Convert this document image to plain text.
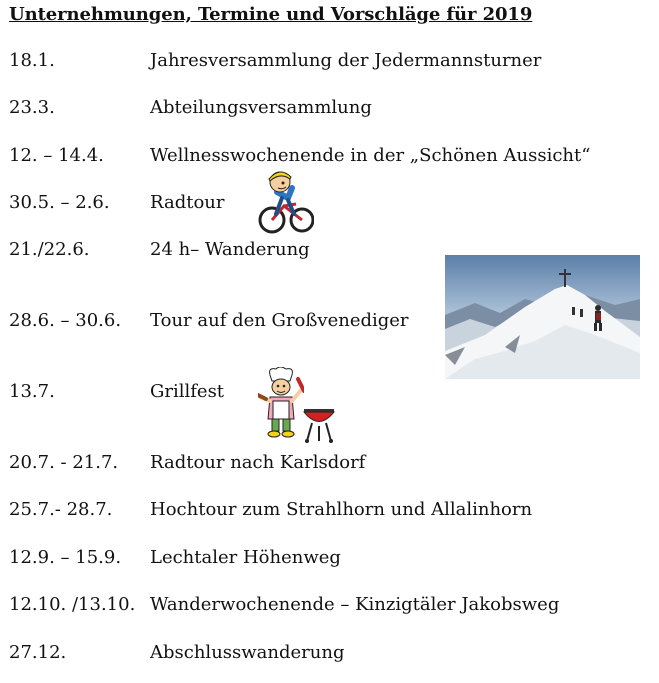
Unternehmungen, Termine und Vorschläge für 2019
18.1.	Jahresversammlung der Jedermannsturner
23.3.	Abteilungsversammlung
12. – 14.4.	Wellnesswochenende in der „Schönen Aussicht“
30.5. – 2.6. Radtour
21./22.6.	24 h– Wanderung
28.6. – 30.6. Tour auf den Großvenediger
13.7.	Grillfest
20.7. - 21.7. Radtour nach Karlsdorf
25.7.- 28.7. Hochtour zum Strahlhorn und Allalinhorn
12.9. – 15.9. Lechtaler Höhenweg
12.10. /13.10. Wanderwochenende – Kinzigtäler Jakobsweg
27.12.	Abschlusswanderung
